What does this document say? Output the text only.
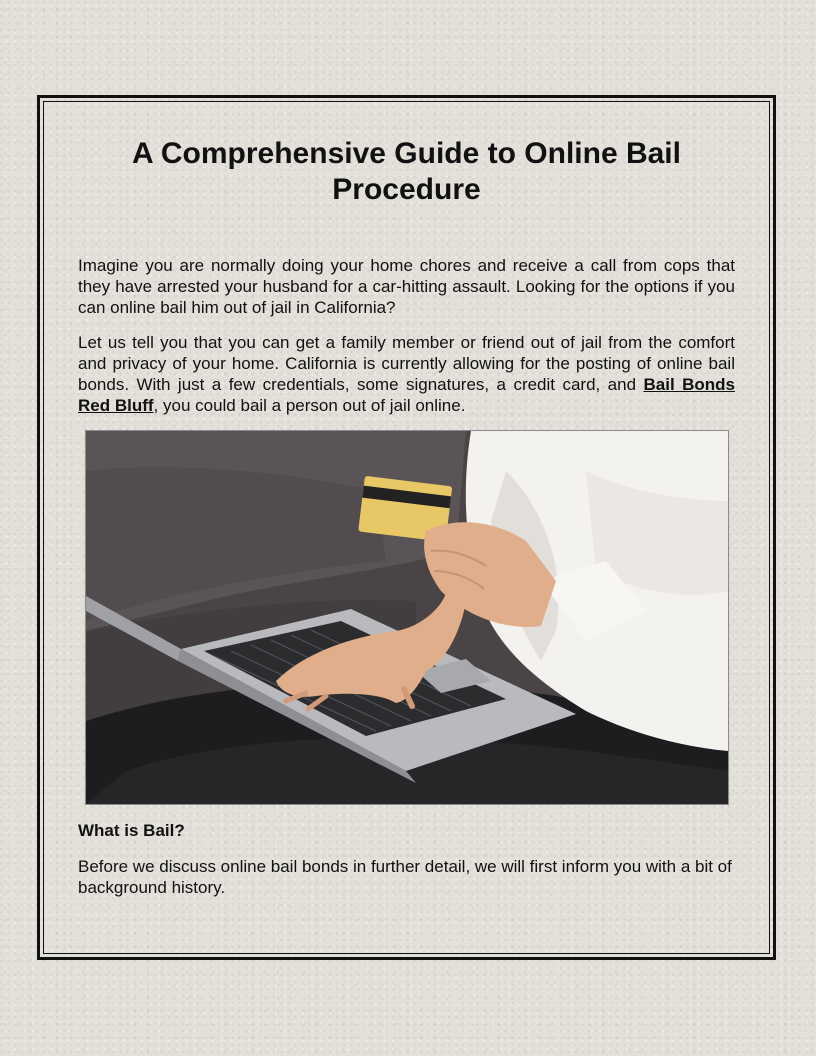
A Comprehensive Guide to Online Bail
Procedure

Imagine you are normally doing your home chores and receive a call from cops that they have arrested your husband for a car-hitting assault. Looking for the options if you can online bail him out of jail in California?

Let us tell you that you can get a family member or friend out of jail from the comfort and privacy of your home. California is currently allowing for the posting of online bail bonds. With just a few credentials, some signatures, a credit card, and Bail Bonds Red Bluff, you could bail a person out of jail online.

What is Bail?

Before we discuss online bail bonds in further detail, we will first inform you with a bit of background history.
